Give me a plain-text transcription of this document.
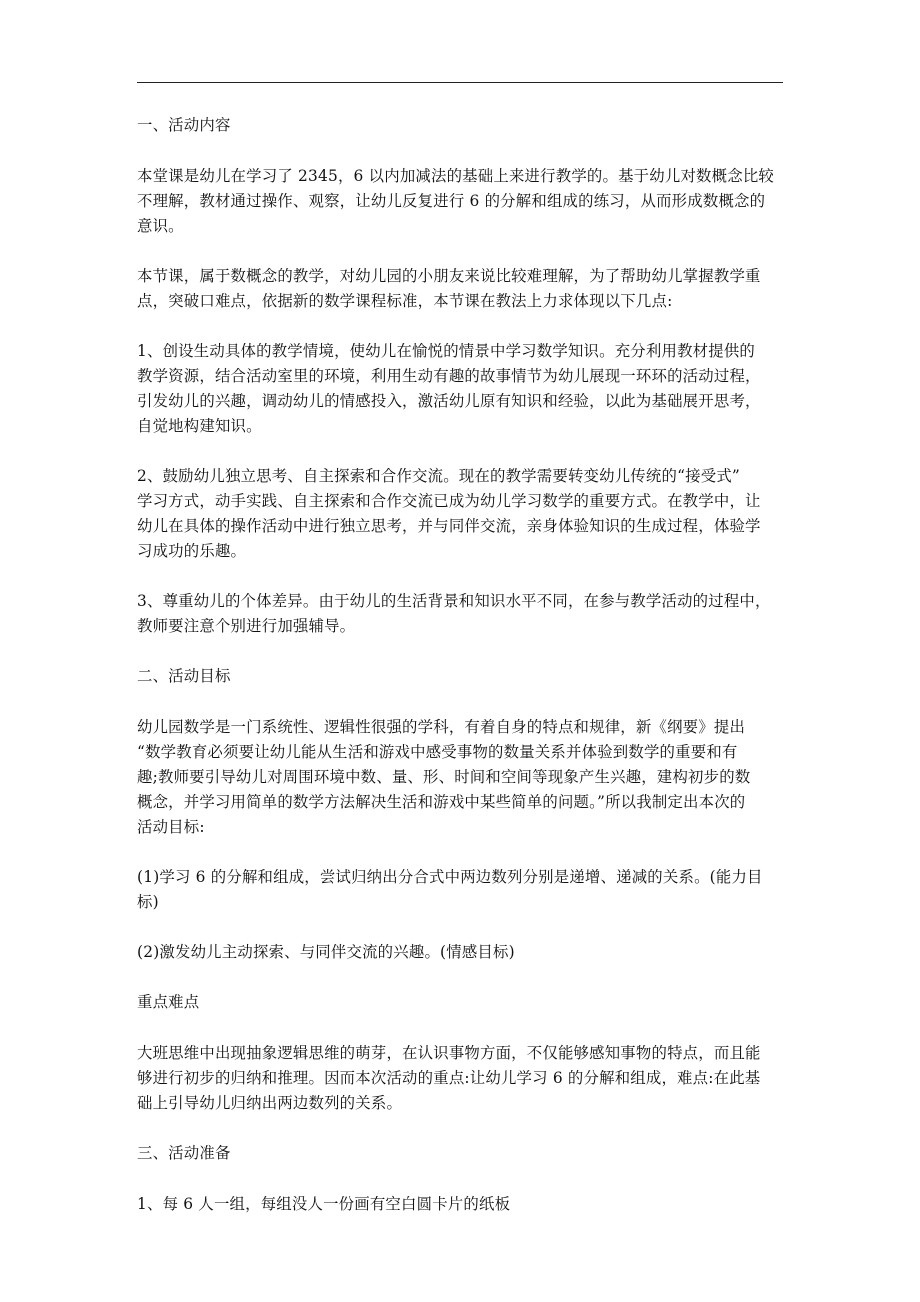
一、活动内容

本堂课是幼儿在学习了 2345，6 以内加减法的基础上来进行教学的。基于幼儿对数概念比较
不理解，教材通过操作、观察，让幼儿反复进行 6 的分解和组成的练习，从而形成数概念的
意识。

本节课，属于数概念的教学，对幼儿园的小朋友来说比较难理解，为了帮助幼儿掌握教学重
点，突破口难点，依据新的数学课程标准，本节课在教法上力求体现以下几点:

1、创设生动具体的教学情境，使幼儿在愉悦的情景中学习数学知识。充分利用教材提供的
教学资源，结合活动室里的环境，利用生动有趣的故事情节为幼儿展现一环环的活动过程，
引发幼儿的兴趣，调动幼儿的情感投入，激活幼儿原有知识和经验，以此为基础展开思考，
自觉地构建知识。

2、鼓励幼儿独立思考、自主探索和合作交流。现在的教学需要转变幼儿传统的“接受式”
学习方式，动手实践、自主探索和合作交流已成为幼儿学习数学的重要方式。在教学中，让
幼儿在具体的操作活动中进行独立思考，并与同伴交流，亲身体验知识的生成过程，体验学
习成功的乐趣。

3、尊重幼儿的个体差异。由于幼儿的生活背景和知识水平不同，在参与教学活动的过程中，
教师要注意个别进行加强辅导。

二、活动目标

幼儿园数学是一门系统性、逻辑性很强的学科，有着自身的特点和规律，新《纲要》提出
“数学教育必须要让幼儿能从生活和游戏中感受事物的数量关系并体验到数学的重要和有
趣;教师要引导幼儿对周围环境中数、量、形、时间和空间等现象产生兴趣，建构初步的数
概念，并学习用简单的数学方法解决生活和游戏中某些简单的问题。”所以我制定出本次的
活动目标:

(1)学习 6 的分解和组成，尝试归纳出分合式中两边数列分别是递增、递减的关系。(能力目
标)

(2)激发幼儿主动探索、与同伴交流的兴趣。(情感目标)

重点难点

大班思维中出现抽象逻辑思维的萌芽，在认识事物方面，不仅能够感知事物的特点，而且能
够进行初步的归纳和推理。因而本次活动的重点:让幼儿学习 6 的分解和组成，难点:在此基
础上引导幼儿归纳出两边数列的关系。

三、活动准备

1、每 6 人一组，每组没人一份画有空白圆卡片的纸板
